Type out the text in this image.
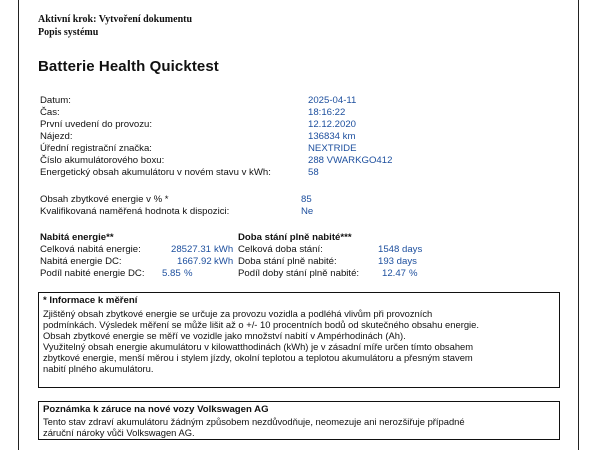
Aktivní krok: Vytvoření dokumentu
Popis systému
Batterie Health Quicktest
Datum:	2025-04-11
Čas:	18:16:22
První uvedení do provozu:	12.12.2020
Nájezd:	136834 km
Úřední registrační značka:	NEXTRIDE
Číslo akumulátorového boxu:	288 VWARKGO412
Energetický obsah akumulátoru v novém stavu v kWh:	58
Obsah zbytkové energie v % *	85
Kvalifikovaná naměřená hodnota k dispozici:	Ne
Nabitá energie**
Celková nabitá energie:	28527.31 kWh
Nabitá energie DC:	1667.92 kWh
Podíl nabité energie DC: 5.85 %
Doba stání plně nabité***
Celková doba stání:	1548 days
Doba stání plně nabité:	193 days
Podíl doby stání plně nabité: 12.47 %
* Informace k měření
Zjištěný obsah zbytkové energie se určuje za provozu vozidla a podléhá vlivům při provozních
podmínkách. Výsledek měření se může lišit až o +/- 10 procentních bodů od skutečného obsahu energie.
Obsah zbytkové energie se měří ve vozidle jako množství nabití v Ampérhodinách (Ah).
Využitelný obsah energie akumulátoru v kilowatthodinách (kWh) je v zásadní míře určen tímto obsahem
zbytkové energie, menší měrou i stylem jízdy, okolní teplotou a teplotou akumulátoru a přesným stavem
nabití plného akumulátoru.
Poznámka k záruce na nové vozy Volkswagen AG
Tento stav zdraví akumulátoru žádným způsobem nezdůvodňuje, neomezuje ani nerozšiřuje případné
záruční nároky vůči Volkswagen AG.
